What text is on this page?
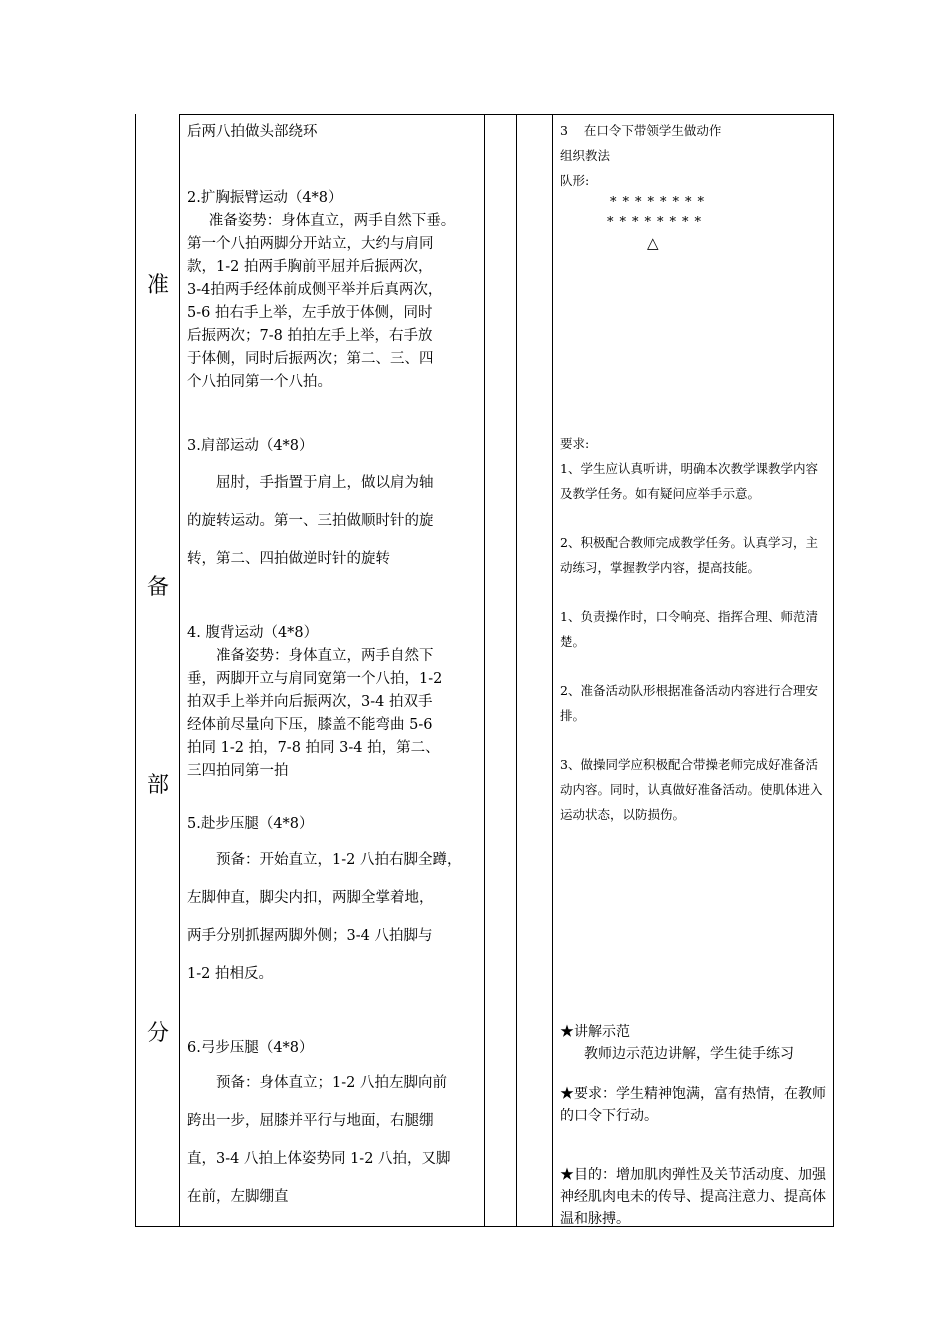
准
备
部
分

后两八拍做头部绕环

2.扩胸振臂运动（4*8）

准备姿势：身体直立，两手自然下垂。

第一个八拍两脚分开站立，大约与肩同

款，1-2 拍两手胸前平屈并后振两次，

3-4拍两手经体前成侧平举并后真两次，

5-6 拍右手上举，左手放于体侧，同时

后振两次；7-8 拍拍左手上举，右手放

于体侧，同时后振两次；第二、三、四

个八拍同第一个八拍。

3.肩部运动（4*8）

屈肘，手指置于肩上，做以肩为轴

的旋转运动。第一、三拍做顺时针的旋

转，第二、四拍做逆时针的旋转

4. 腹背运动（4*8）

准备姿势：身体直立，两手自然下

垂，两脚开立与肩同宽第一个八拍，1-2

拍双手上举并向后振两次，3-4 拍双手

经体前尽量向下压，膝盖不能弯曲 5-6

拍同 1-2 拍，7-8 拍同 3-4 拍，第二、

三四拍同第一拍

5.赴步压腿（4*8）

预备：开始直立，1-2 八拍右脚全蹲，

左脚伸直，脚尖内扣，两脚全掌着地，

两手分别抓握两脚外侧；3-4 八拍脚与

1-2 拍相反。

6.弓步压腿（4*8）

预备：身体直立；1-2 八拍左脚向前

跨出一步，屈膝并平行与地面，右腿绷

直，3-4 八拍上体姿势同 1-2 八拍，又脚

在前，左脚绷直

3    在口令下带领学生做动作
组织教法
队形:
********
********
△
要求:
1、学生应认真听讲，明确本次教学课教学内容及教学任务。如有疑问应举手示意。
2、积极配合教师完成教学任务。认真学习，主动练习，掌握教学内容，提高技能。
1、负责操作时，口令响亮、指挥合理、师范清楚。
2、准备活动队形根据准备活动内容进行合理安排。
3、做操同学应积极配合带操老师完成好准备活动内容。同时，认真做好准备活动。使肌体进入运动状态，以防损伤。
★讲解示范
教师边示范边讲解，学生徒手练习
★要求：学生精神饱满，富有热情，在教师的口令下行动。
★目的：增加肌肉弹性及关节活动度、加强神经肌肉电未的传导、提高注意力、提高体温和脉搏。
